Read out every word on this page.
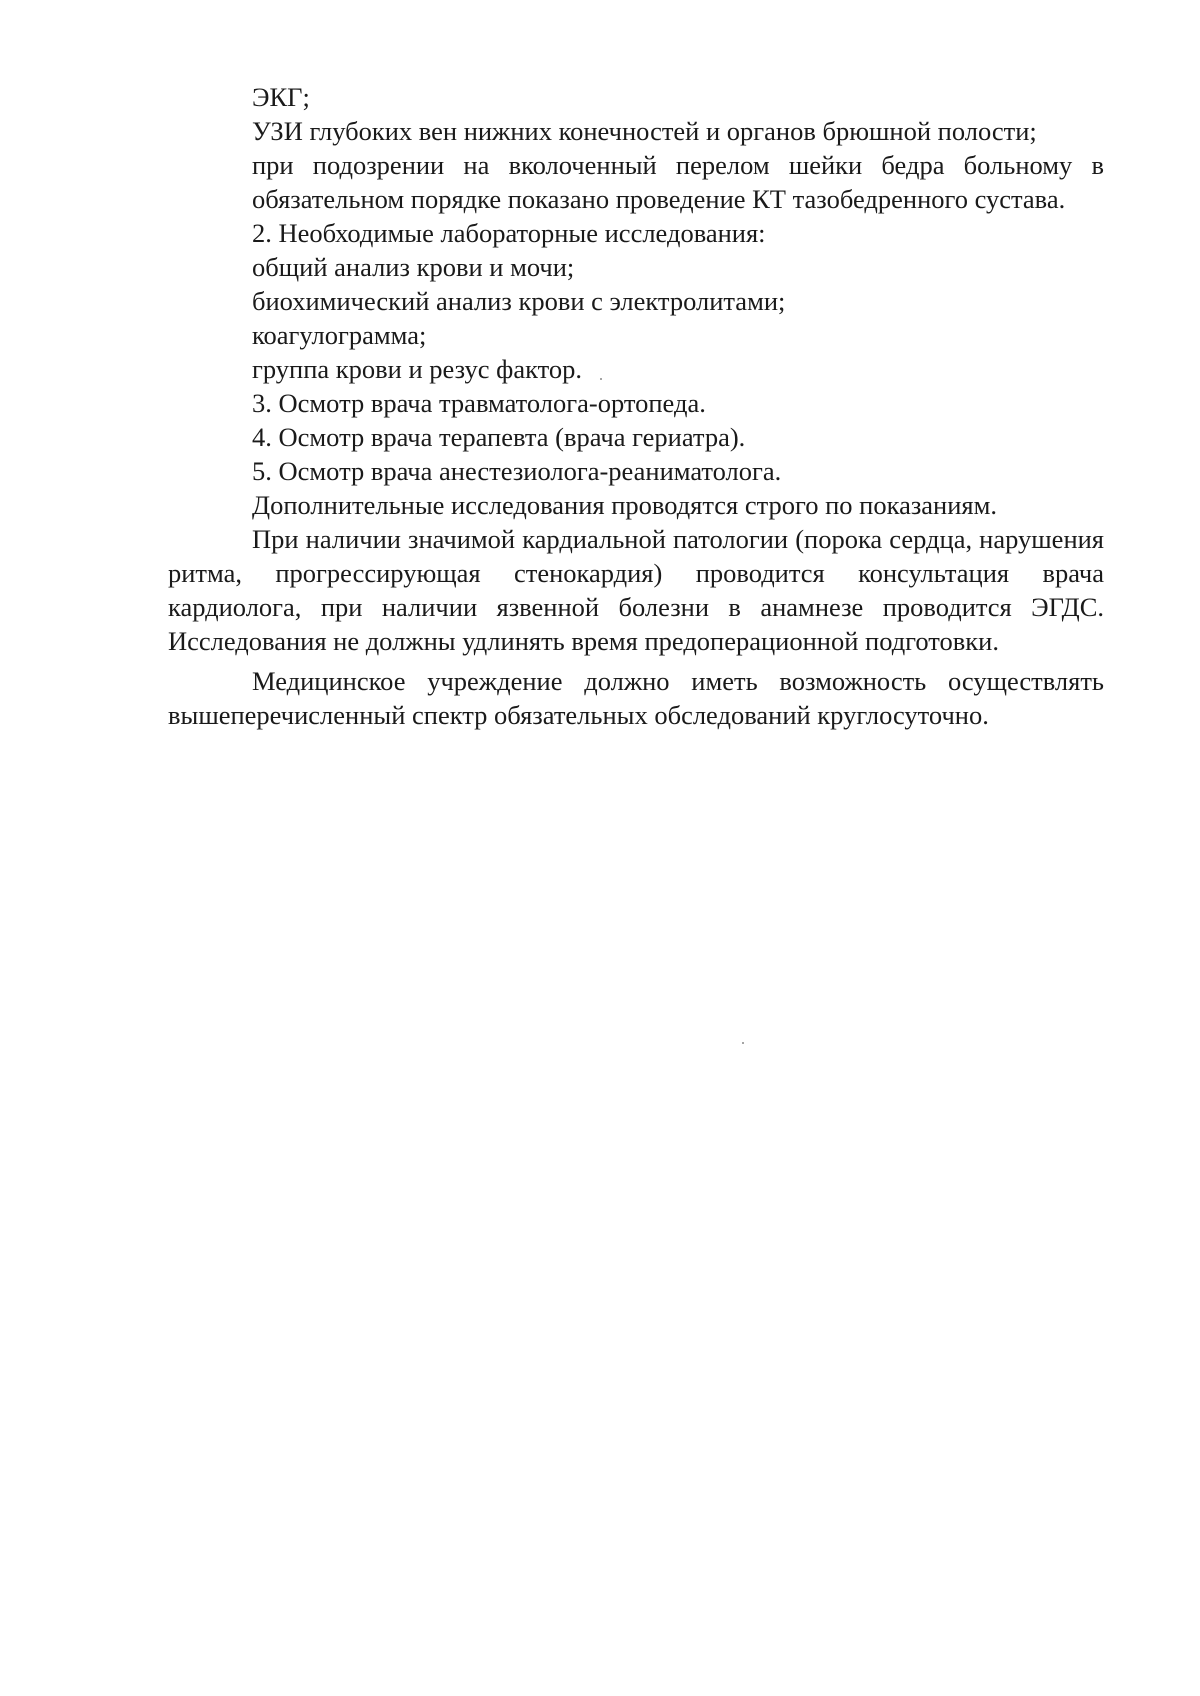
ЭКГ;

УЗИ глубоких вен нижних конечностей и органов брюшной полости;

при подозрении на вколоченный перелом шейки бедра больному в обязательном порядке показано проведение КТ тазобедренного сустава.

2. Необходимые лабораторные исследования:

общий анализ крови и мочи;

биохимический анализ крови с электролитами;

коагулограмма;

группа крови и резус фактор.

3. Осмотр врача травматолога-ортопеда.

4. Осмотр врача терапевта (врача гериатра).

5. Осмотр врача анестезиолога-реаниматолога.

Дополнительные исследования проводятся строго по показаниям.

При наличии значимой кардиальной патологии (порока сердца, нарушения ритма, прогрессирующая стенокардия) проводится консультация врача кардиолога, при наличии язвенной болезни в анамнезе проводится ЭГДС. Исследования не должны удлинять время предоперационной подготовки.

Медицинское учреждение должно иметь возможность осуществлять вышеперечисленный спектр обязательных обследований круглосуточно.
